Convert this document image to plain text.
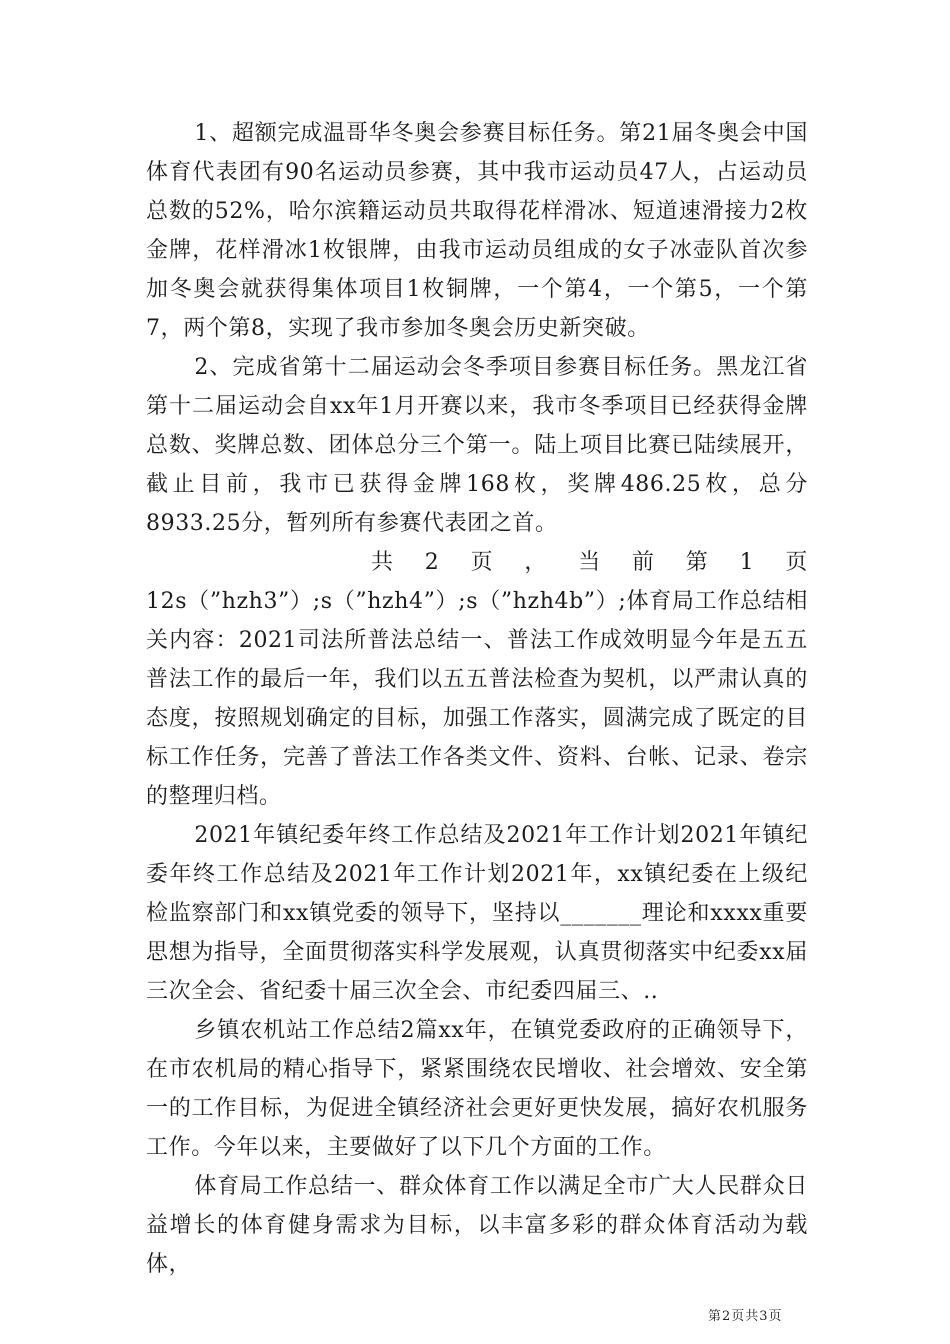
1、超额完成温哥华冬奥会参赛目标任务。第21届冬奥会中国体育代表团有90名运动员参赛，其中我市运动员47人，占运动员总数的52%，哈尔滨籍运动员共取得花样滑冰、短道速滑接力2枚金牌，花样滑冰1枚银牌，由我市运动员组成的女子冰壶队首次参加冬奥会就获得集体项目1枚铜牌，一个第4，一个第5，一个第7，两个第8，实现了我市参加冬奥会历史新突破。

2、完成省第十二届运动会冬季项目参赛目标任务。黑龙江省第十二届运动会自xx年1月开赛以来，我市冬季项目已经获得金牌总数、奖牌总数、团体总分三个第一。陆上项目比赛已陆续展开，截止目前，我市已获得金牌168枚，奖牌486.25枚，总分8933.25分，暂列所有参赛代表团之首。

共 2 页 ， 当 前 第 1 页

12s（”hzh3”）;s（”hzh4”）;s（”hzh4b”）;体育局工作总结相关内容：2021司法所普法总结一、普法工作成效明显今年是五五普法工作的最后一年，我们以五五普法检查为契机，以严肃认真的态度，按照规划确定的目标，加强工作落实，圆满完成了既定的目标工作任务，完善了普法工作各类文件、资料、台帐、记录、卷宗的整理归档。

2021年镇纪委年终工作总结及2021年工作计划2021年镇纪委年终工作总结及2021年工作计划2021年，xx镇纪委在上级纪检监察部门和xx镇党委的领导下，坚持以_______理论和xxxx重要思想为指导，全面贯彻落实科学发展观，认真贯彻落实中纪委xx届三次全会、省纪委十届三次全会、市纪委四届三、..

乡镇农机站工作总结2篇xx年，在镇党委政府的正确领导下，在市农机局的精心指导下，紧紧围绕农民增收、社会增效、安全第一的工作目标，为促进全镇经济社会更好更快发展，搞好农机服务工作。今年以来，主要做好了以下几个方面的工作。

体育局工作总结一、群众体育工作以满足全市广大人民群众日益增长的体育健身需求为目标，以丰富多彩的群众体育活动为载体，

第2页共3页
